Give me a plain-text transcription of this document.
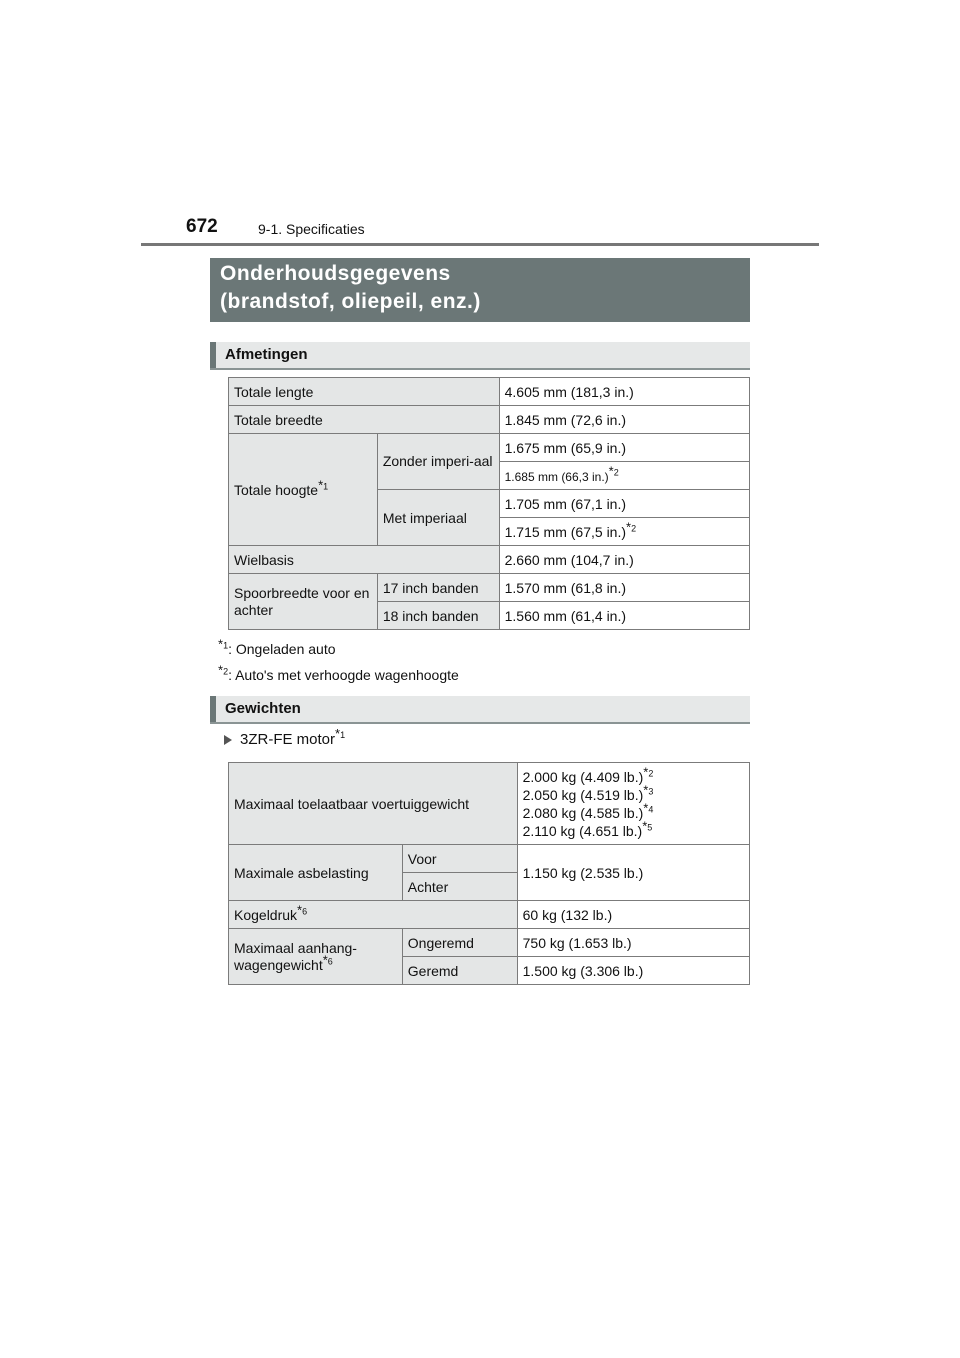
672	9-1. Specificaties
Onderhoudsgegevens
(brandstof, oliepeil, enz.)
Afmetingen
Totale lengte		4.605 mm (181,3 in.)
Totale breedte		1.845 mm (72,6 in.)
Totale hoogte*$^1$	Zonder imperi-aal	1.675 mm (65,9 in.)
		1.685 mm (66,3 in.)*$^2$
	Met imperiaal	1.705 mm (67,1 in.)
		1.715 mm (67,5 in.)*$^2$
Wielbasis		2.660 mm (104,7 in.)
Spoorbreedte voor en achter	17 inch banden	1.570 mm (61,8 in.)
	18 inch banden	1.560 mm (61,4 in.)
*$^1$: Ongeladen auto
*$^2$: Auto's met verhoogde wagenhoogte
Gewichten
3ZR-FE motor*$^1$
Maximaal toelaatbaar voertuiggewicht		2.000 kg (4.409 lb.)*$^2$
2.050 kg (4.519 lb.)*$^3$
2.080 kg (4.585 lb.)*$^4$
2.110 kg (4.651 lb.)*$^5$

Maximale asbelasting	Voor	1.150 kg (2.535 lb.)
	Achter	
Kogeldruk*$^6$		60 kg (132 lb.)
Maximaal aanhang-wagengewicht*$^6$	Ongeremd	750 kg (1.653 lb.)
	Geremd	1.500 kg (3.306 lb.)
